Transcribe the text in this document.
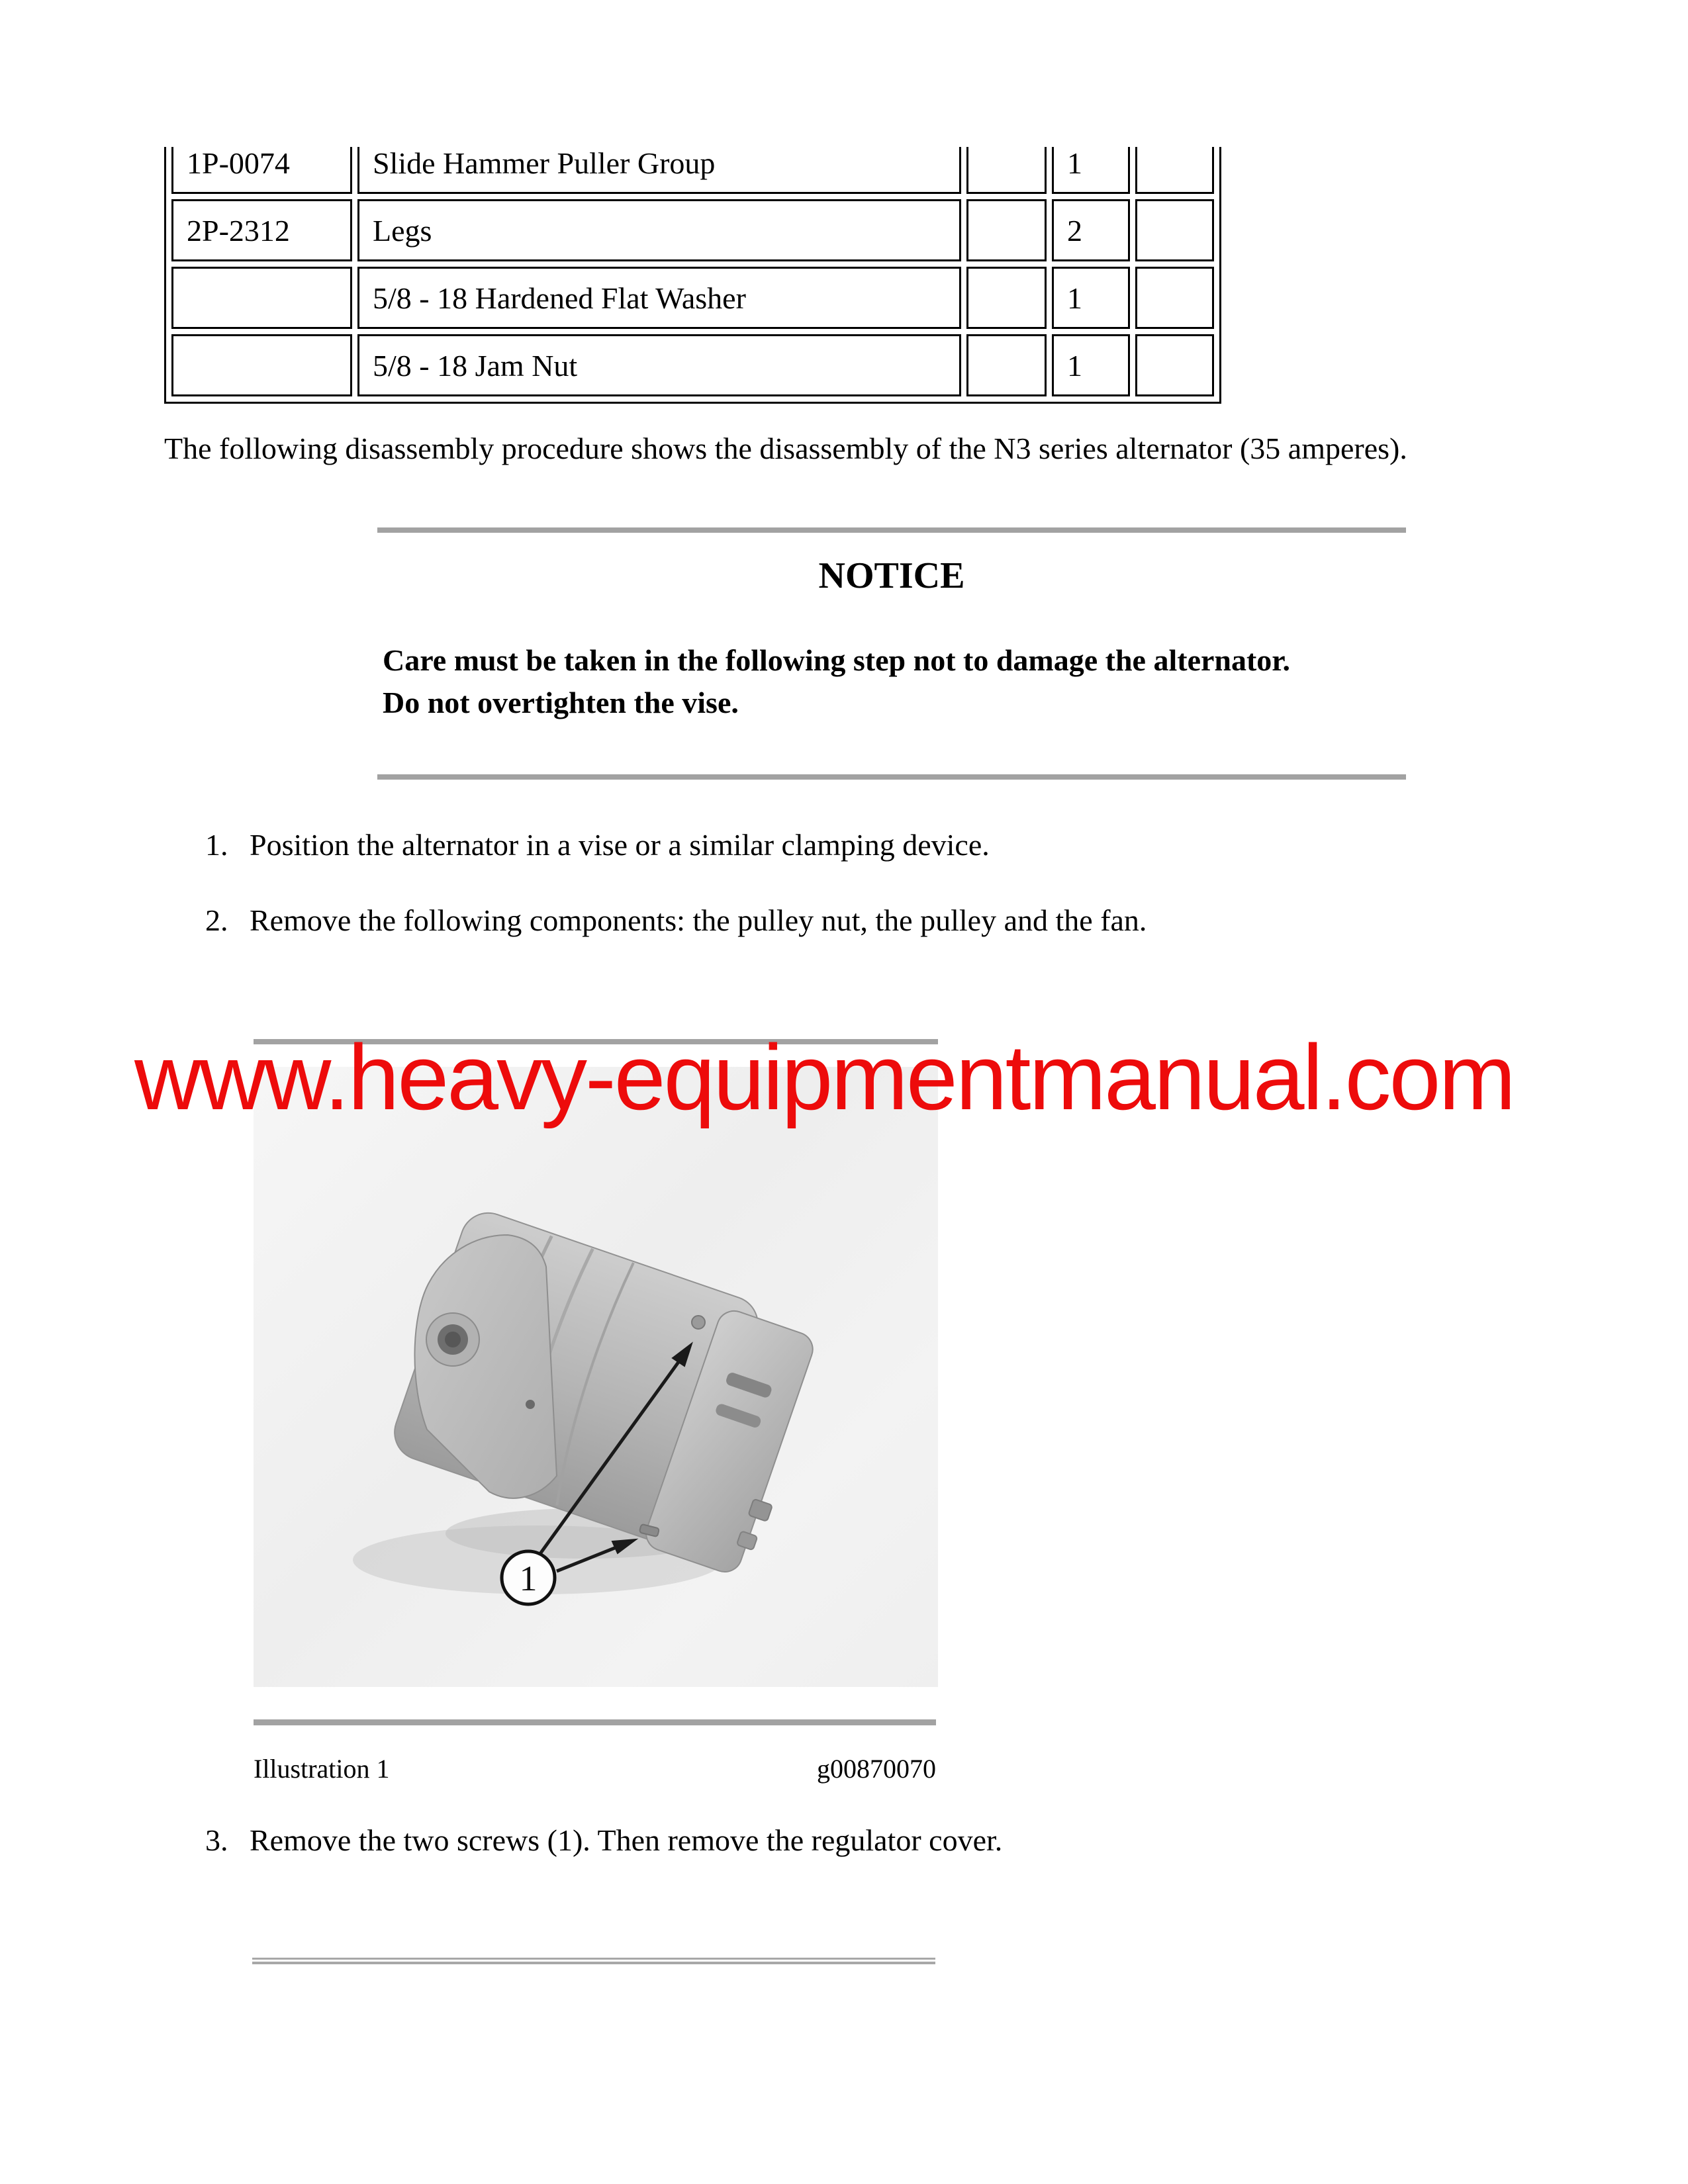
1P-0074	Slide Hammer Puller Group		1	
2P-2312	Legs		2	
	5/8 - 18 Hardened Flat Washer		1	
	5/8 - 18 Jam Nut		1	
The following disassembly procedure shows the disassembly of the N3 series alternator (35 amperes).
NOTICE
Care must be taken in the following step not to damage the alternator.
Do not overtighten the vise.
1. Position the alternator in a vise or a similar clamping device.
2. Remove the following components: the pulley nut, the pulley and the fan.
1
www.heavy-equipmentmanual.com
Illustration 1	g00870070
3. Remove the two screws (1). Then remove the regulator cover.
